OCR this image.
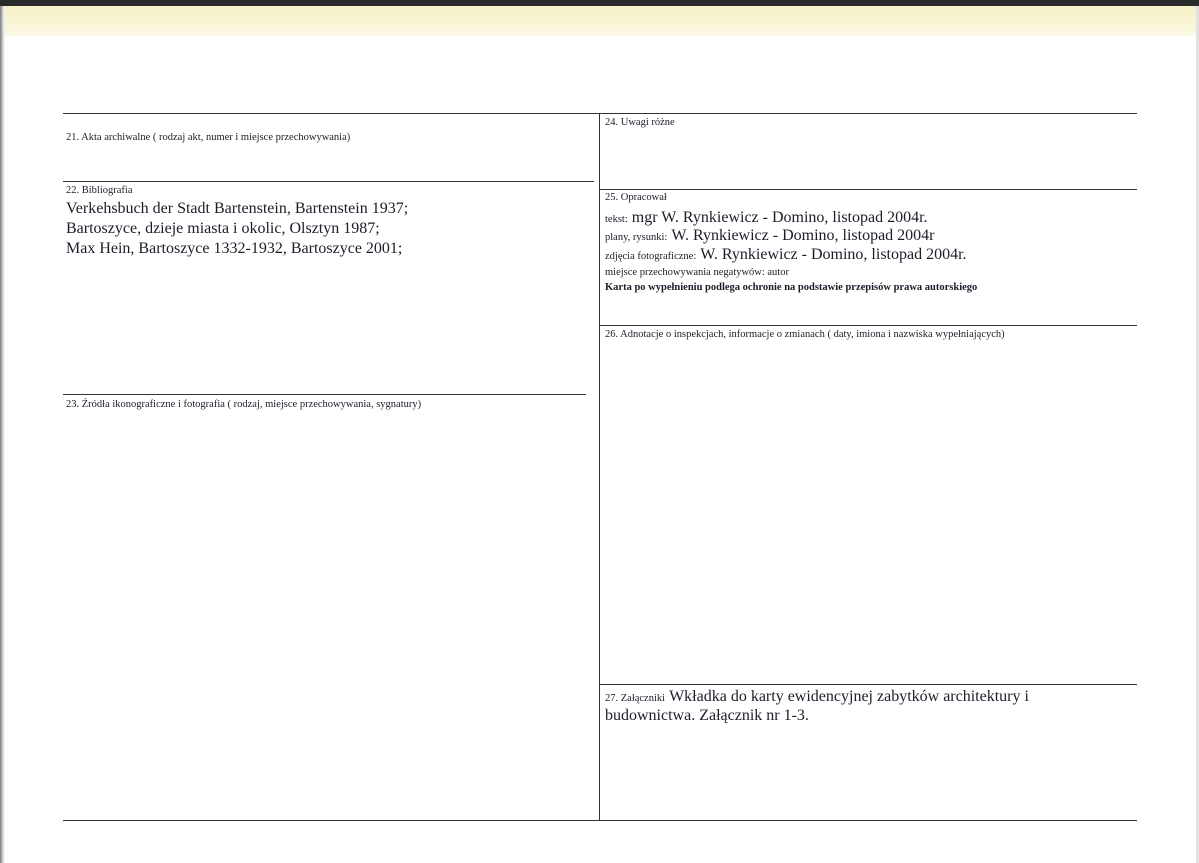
21. Akta archiwalne ( rodzaj akt, numer i miejsce przechowywania)
22. Bibliografia
Verkehsbuch der Stadt Bartenstein, Bartenstein 1937;
Bartoszyce, dzieje miasta i okolic, Olsztyn 1987;
Max Hein, Bartoszyce 1332-1932, Bartoszyce 2001;
23. Źródła ikonograficzne i fotografia ( rodzaj, miejsce przechowywania, sygnatury)
24. Uwagi różne
25. Opracował
tekst: mgr W. Rynkiewicz - Domino, listopad 2004r.
plany, rysunki: W. Rynkiewicz - Domino, listopad 2004r
zdjęcia fotograficzne: W. Rynkiewicz - Domino, listopad 2004r.
miejsce przechowywania negatywów: autor
Karta po wypełnieniu podlega ochronie na podstawie przepisów prawa autorskiego
26. Adnotacje o inspekcjach, informacje o zmianach ( daty, imiona i nazwiska wypełniających)
27. Załączniki Wkładka do karty ewidencyjnej zabytków architektury i
budownictwa. Załącznik nr 1-3.
